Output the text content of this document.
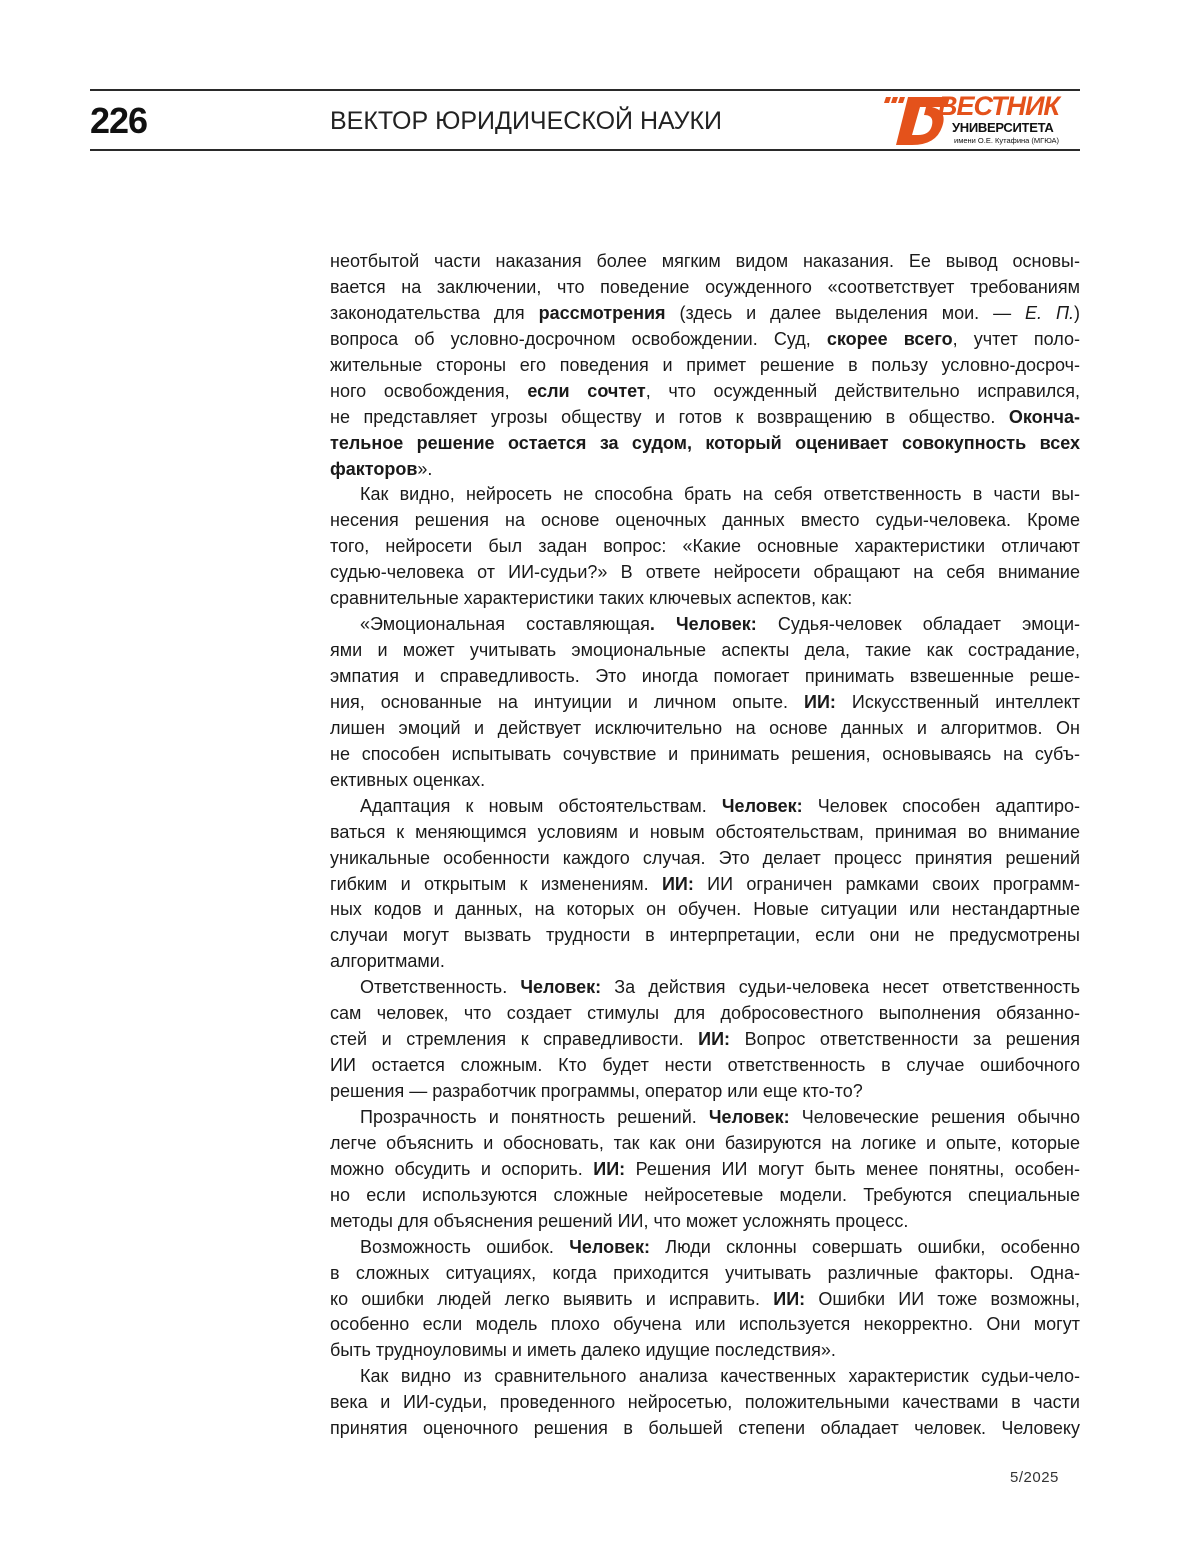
226	ВЕКТОР ЮРИДИЧЕСКОЙ НАУКИ	ВЕСТНИК
УНИВЕРСИТЕТА
имени О.Е. Кутафина (МГЮА)
неотбытой части наказания более мягким видом наказания. Ее вывод основы-
вается на заключении, что поведение осужденного «соответствует требованиям
законодательства для рассмотрения (здесь и далее выделения мои. — Е. П.)
вопроса об условно-досрочном освобождении. Суд, скорее всего, учтет поло-
жительные стороны его поведения и примет решение в пользу условно-досроч-
ного освобождения, если сочтет, что осужденный действительно исправился,
не представляет угрозы обществу и готов к возвращению в общество. Оконча-
тельное решение остается за судом, который оценивает совокупность всех
факторов».
Как видно, нейросеть не способна брать на себя ответственность в части вы-
несения решения на основе оценочных данных вместо судьи-человека. Кроме
того, нейросети был задан вопрос: «Какие основные характеристики отличают
судью-человека от ИИ-судьи?» В ответе нейросети обращают на себя внимание
сравнительные характеристики таких ключевых аспектов, как:
«Эмоциональная составляющая. Человек: Судья-человек обладает эмоци-
ями и может учитывать эмоциональные аспекты дела, такие как сострадание,
эмпатия и справедливость. Это иногда помогает принимать взвешенные реше-
ния, основанные на интуиции и личном опыте. ИИ: Искусственный интеллект
лишен эмоций и действует исключительно на основе данных и алгоритмов. Он
не способен испытывать сочувствие и принимать решения, основываясь на субъ-
ективных оценках.
Адаптация к новым обстоятельствам. Человек: Человек способен адаптиро-
ваться к меняющимся условиям и новым обстоятельствам, принимая во внимание
уникальные особенности каждого случая. Это делает процесс принятия решений
гибким и открытым к изменениям. ИИ: ИИ ограничен рамками своих программ-
ных кодов и данных, на которых он обучен. Новые ситуации или нестандартные
случаи могут вызвать трудности в интерпретации, если они не предусмотрены
алгоритмами.
Ответственность. Человек: За действия судьи-человека несет ответственность
сам человек, что создает стимулы для добросовестного выполнения обязанно-
стей и стремления к справедливости. ИИ: Вопрос ответственности за решения
ИИ остается сложным. Кто будет нести ответственность в случае ошибочного
решения — разработчик программы, оператор или еще кто-то?
Прозрачность и понятность решений. Человек: Человеческие решения обычно
легче объяснить и обосновать, так как они базируются на логике и опыте, которые
можно обсудить и оспорить. ИИ: Решения ИИ могут быть менее понятны, особен-
но если используются сложные нейросетевые модели. Требуются специальные
методы для объяснения решений ИИ, что может усложнять процесс.
Возможность ошибок. Человек: Люди склонны совершать ошибки, особенно
в сложных ситуациях, когда приходится учитывать различные факторы. Одна-
ко ошибки людей легко выявить и исправить. ИИ: Ошибки ИИ тоже возможны,
особенно если модель плохо обучена или используется некорректно. Они могут
быть трудноуловимы и иметь далеко идущие последствия».
Как видно из сравнительного анализа качественных характеристик судьи-чело-
века и ИИ-судьи, проведенного нейросетью, положительными качествами в части
принятия оценочного решения в большей степени обладает человек. Человеку
5/2025
